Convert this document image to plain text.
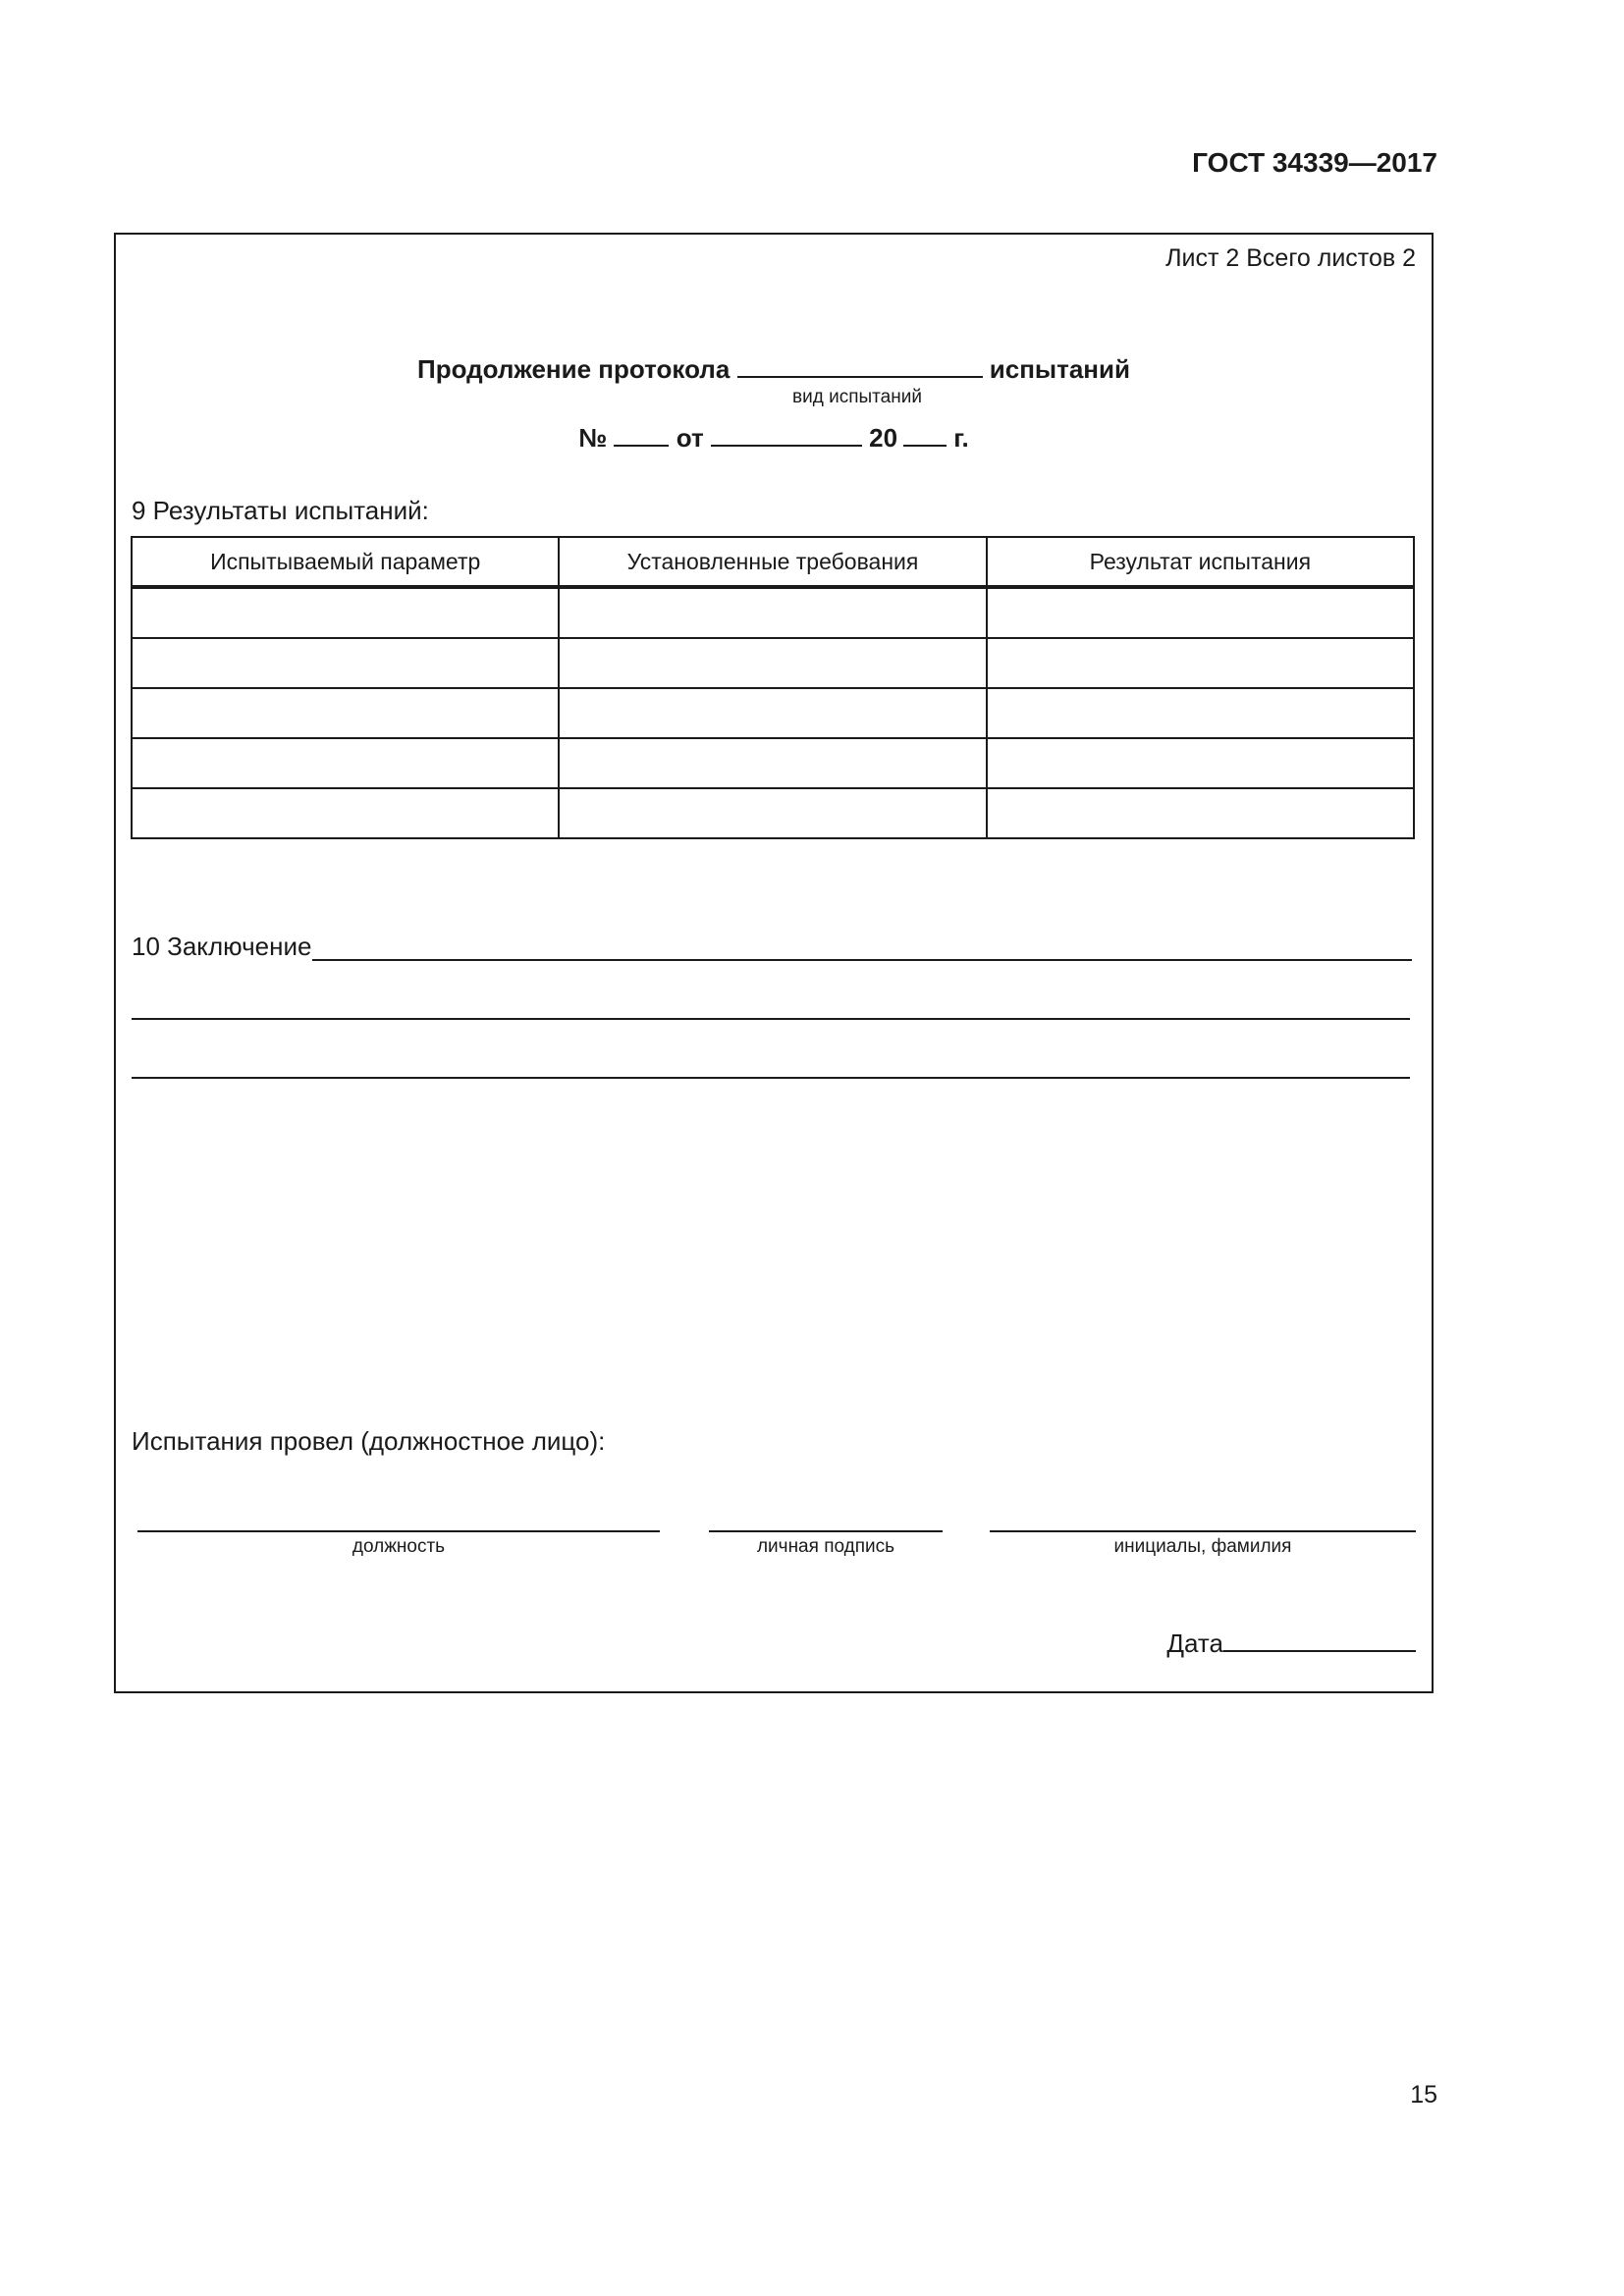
ГОСТ 34339—2017
Лист 2 Всего листов 2
Продолжение протокола	испытаний
вид испытаний
№	от	20 г.
9 Результаты испытаний:
Испытываемый параметр	Установленные требования	Результат испытания

10 Заключение
Испытания провел (должностное лицо):
должность	личная подпись	инициалы, фамилия
Дата
15
